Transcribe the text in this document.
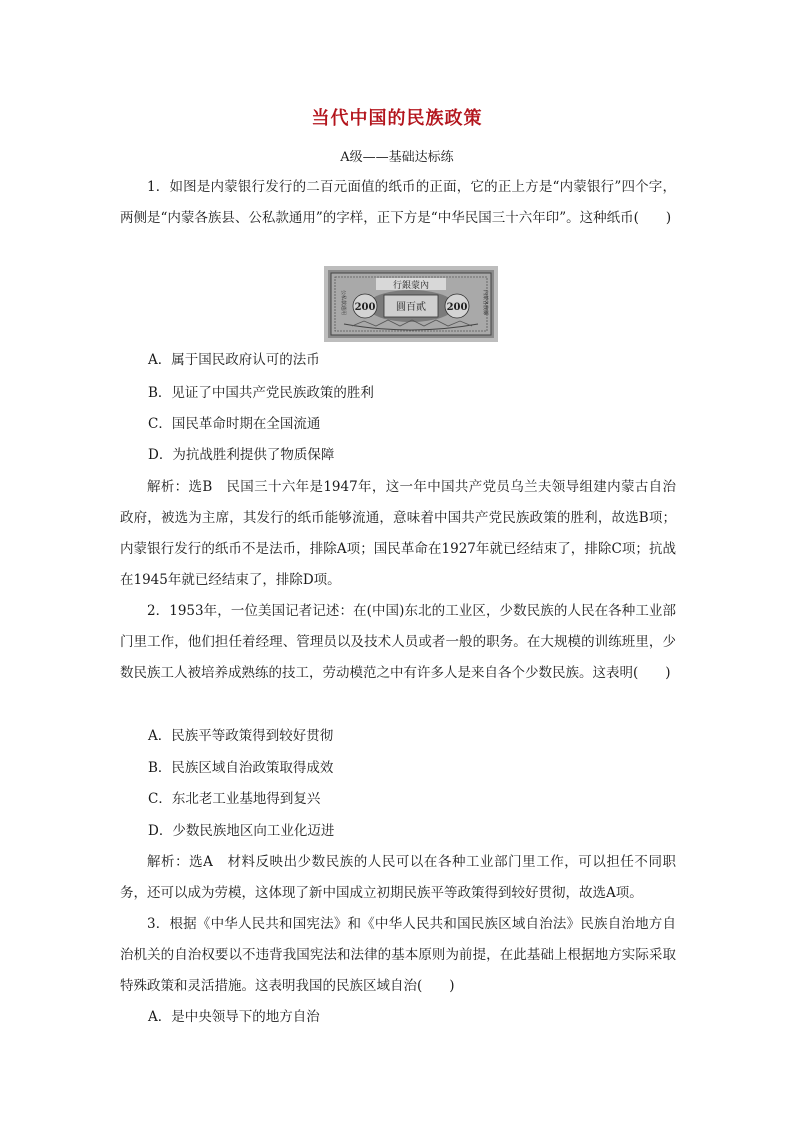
当代中国的民族政策
A级——基础达标练
1．如图是内蒙银行发行的二百元面值的纸币的正面，它的正上方是“内蒙银行”四个字，两侧是“内蒙各族县、公私款通用”的字样，正下方是“中华民国三十六年印”。这种纸币(　　)
行銀蒙內
200	200
圓百貳
公私款通用	內蒙各族縣
A．属于国民政府认可的法币
B．见证了中国共产党民族政策的胜利
C．国民革命时期在全国流通
D．为抗战胜利提供了物质保障
解析：选B　民国三十六年是1947年，这一年中国共产党员乌兰夫领导组建内蒙古自治政府，被选为主席，其发行的纸币能够流通，意味着中国共产党民族政策的胜利，故选B项；内蒙银行发行的纸币不是法币，排除A项；国民革命在1927年就已经结束了，排除C项；抗战在1945年就已经结束了，排除D项。
2．1953年，一位美国记者记述：在(中国)东北的工业区，少数民族的人民在各种工业部门里工作，他们担任着经理、管理员以及技术人员或者一般的职务。在大规模的训练班里，少数民族工人被培养成熟练的技工，劳动模范之中有许多人是来自各个少数民族。这表明(　　)
A．民族平等政策得到较好贯彻
B．民族区域自治政策取得成效
C．东北老工业基地得到复兴
D．少数民族地区向工业化迈进
解析：选A　材料反映出少数民族的人民可以在各种工业部门里工作，可以担任不同职务，还可以成为劳模，这体现了新中国成立初期民族平等政策得到较好贯彻，故选A项。
3．根据《中华人民共和国宪法》和《中华人民共和国民族区域自治法》民族自治地方自治机关的自治权要以不违背我国宪法和法律的基本原则为前提，在此基础上根据地方实际采取特殊政策和灵活措施。这表明我国的民族区域自治(　　)
A．是中央领导下的地方自治
